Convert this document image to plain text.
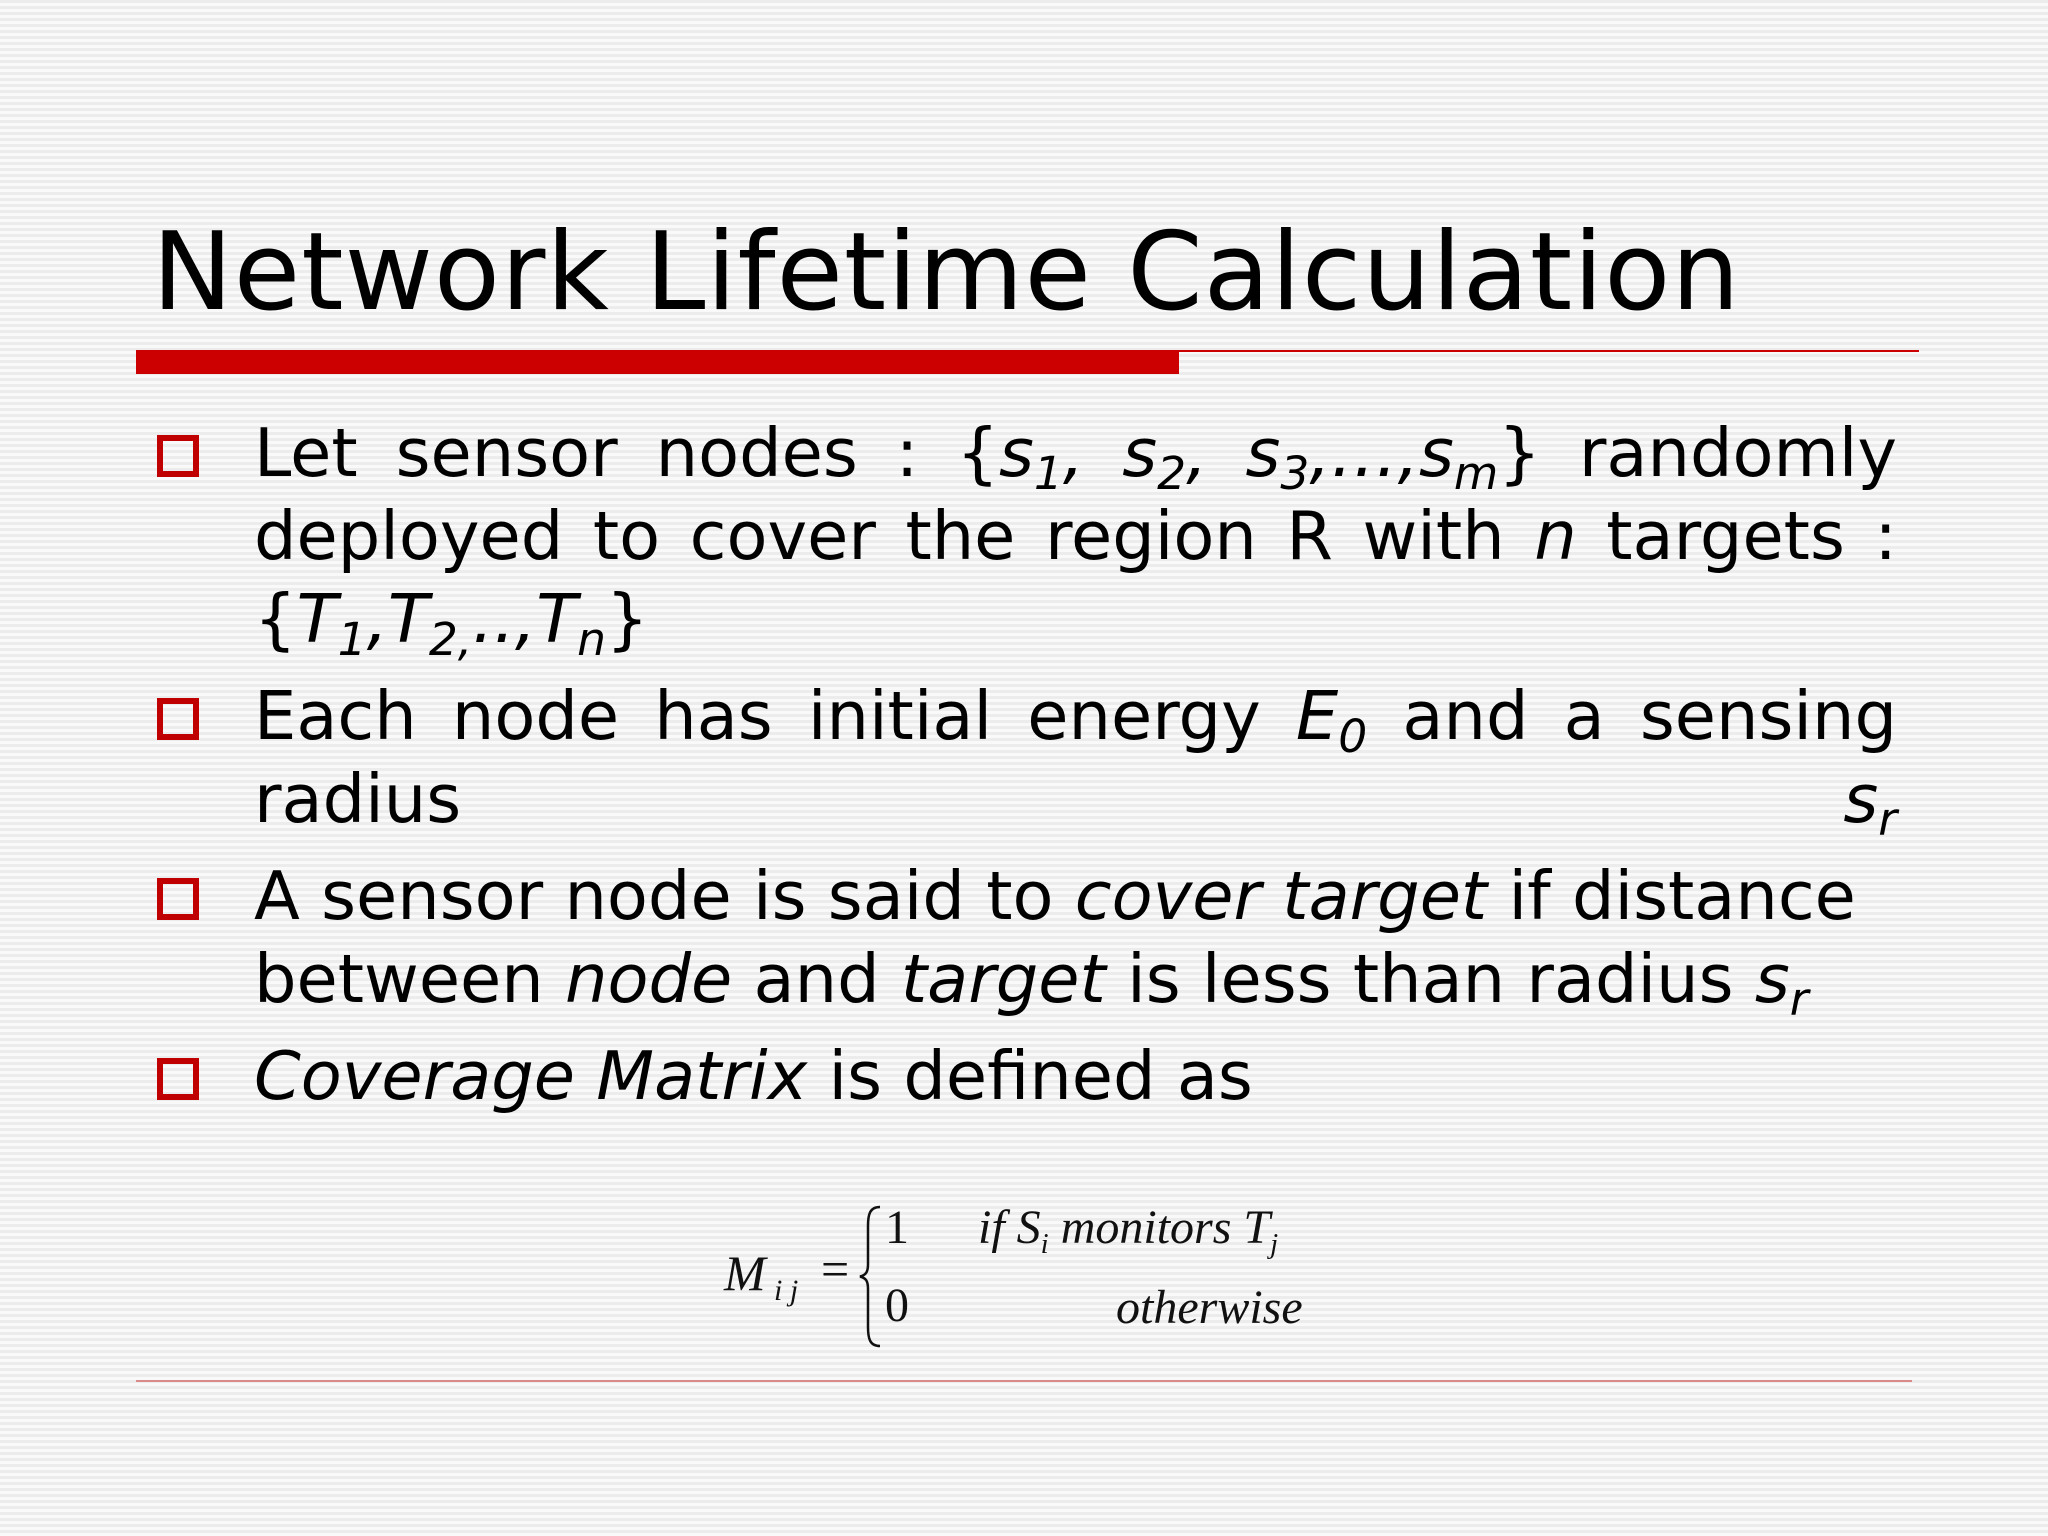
Network Lifetime Calculation
Let sensor nodes : {$s_1$, $s_2$, $s_3,\dots,s_m$} randomly deployed to cover the region R with n targets : $\{T_1,T_{2,}..,T_n\}$
Each node has initial energy $E_0$ and a sensing radius $s_r$
A sensor node is said to cover target if distance between node and target is less than radius $s_r$
Coverage Matrix is defined as
M i j =
1 if $S_i$ monitors $T_j$
0	otherwise
